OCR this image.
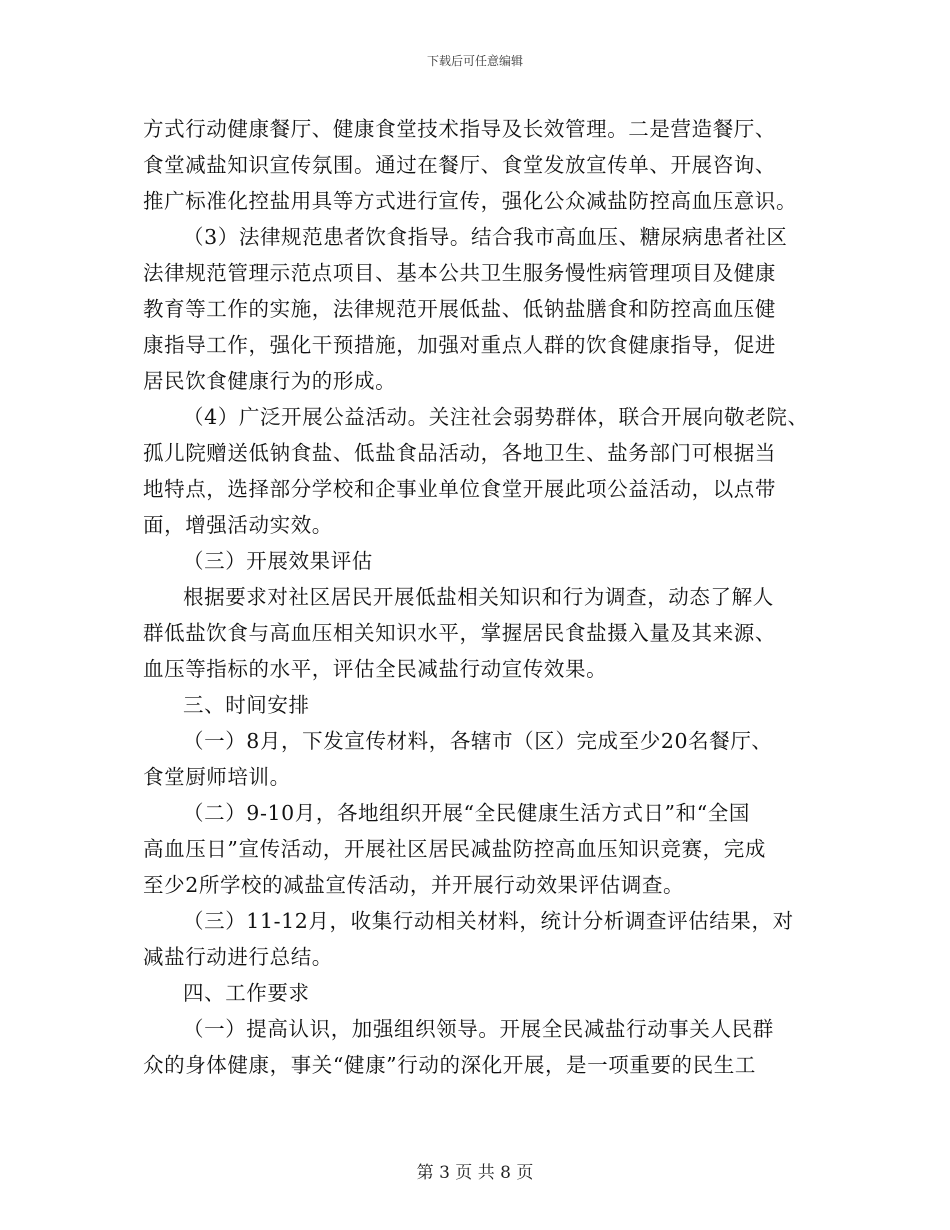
下载后可任意编辑
方式行动健康餐厅、健康食堂技术指导及长效管理。二是营造餐厅、
食堂减盐知识宣传氛围。通过在餐厅、食堂发放宣传单、开展咨询、
推广标准化控盐用具等方式进行宣传，强化公众减盐防控高血压意识。
（3）法律规范患者饮食指导。结合我市高血压、糖尿病患者社区
法律规范管理示范点项目、基本公共卫生服务慢性病管理项目及健康
教育等工作的实施，法律规范开展低盐、低钠盐膳食和防控高血压健
康指导工作，强化干预措施，加强对重点人群的饮食健康指导，促进
居民饮食健康行为的形成。
（4）广泛开展公益活动。关注社会弱势群体，联合开展向敬老院、
孤儿院赠送低钠食盐、低盐食品活动，各地卫生、盐务部门可根据当
地特点，选择部分学校和企事业单位食堂开展此项公益活动，以点带
面，增强活动实效。
（三）开展效果评估
根据要求对社区居民开展低盐相关知识和行为调查，动态了解人
群低盐饮食与高血压相关知识水平，掌握居民食盐摄入量及其来源、
血压等指标的水平，评估全民减盐行动宣传效果。
三、时间安排
（一）8月，下发宣传材料，各辖市（区）完成至少20名餐厅、
食堂厨师培训。
（二）9-10月，各地组织开展“全民健康生活方式日”和“全国
高血压日”宣传活动，开展社区居民减盐防控高血压知识竞赛，完成
至少2所学校的减盐宣传活动，并开展行动效果评估调查。
（三）11-12月，收集行动相关材料，统计分析调查评估结果，对
减盐行动进行总结。
四、工作要求
（一）提高认识，加强组织领导。开展全民减盐行动事关人民群
众的身体健康，事关“健康”行动的深化开展，是一项重要的民生工
第 3 页 共 8 页
